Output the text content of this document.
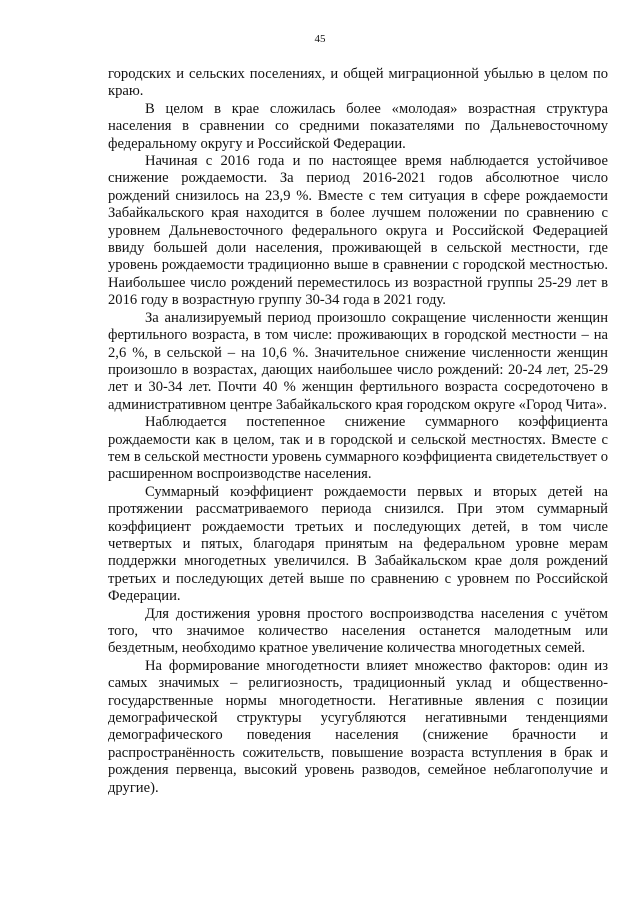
45

городских и сельских поселениях, и общей миграционной убылью в целом по краю.

В целом в крае сложилась более «молодая» возрастная структура населения в сравнении со средними показателями по Дальневосточному федеральному округу и Российской Федерации.

Начиная с 2016 года и по настоящее время наблюдается устойчивое снижение рождаемости. За период 2016-2021 годов абсолютное число рождений снизилось на 23,9 %. Вместе с тем ситуация в сфере рождаемости Забайкальского края находится в более лучшем положении по сравнению с уровнем Дальневосточного федерального округа и Российской Федерацией ввиду большей доли населения, проживающей в сельской местности, где уровень рождаемости традиционно выше в сравнении с городской местностью. Наибольшее число рождений переместилось из возрастной группы 25-29 лет в 2016 году в возрастную группу 30-34 года в 2021 году.

За анализируемый период произошло сокращение численности женщин фертильного возраста, в том числе: проживающих в городской местности – на 2,6 %, в сельской – на 10,6 %. Значительное снижение численности женщин произошло в возрастах, дающих наибольшее число рождений: 20-24 лет, 25-29 лет и 30-34 лет. Почти 40 % женщин фертильного возраста сосредоточено в административном центре Забайкальского края городском округе «Город Чита».

Наблюдается постепенное снижение суммарного коэффициента рождаемости как в целом, так и в городской и сельской местностях. Вместе с тем в сельской местности уровень суммарного коэффициента свидетельствует о расширенном воспроизводстве населения.

Суммарный коэффициент рождаемости первых и вторых детей на протяжении рассматриваемого периода снизился. При этом суммарный коэффициент рождаемости третьих и последующих детей, в том числе четвертых и пятых, благодаря принятым на федеральном уровне мерам поддержки многодетных увеличился. В Забайкальском крае доля рождений третьих и последующих детей выше по сравнению с уровнем по Российской Федерации.

Для достижения уровня простого воспроизводства населения с учётом того, что значимое количество населения останется малодетным или бездетным, необходимо кратное увеличение количества многодетных семей.

На формирование многодетности влияет множество факторов: один из самых значимых – религиозность, традиционный уклад и общественно-государственные нормы многодетности. Негативные явления с позиции демографической структуры усугубляются негативными тенденциями демографического поведения населения (снижение брачности и распространённость сожительств, повышение возраста вступления в брак и рождения первенца, высокий уровень разводов, семейное неблагополучие и другие).
